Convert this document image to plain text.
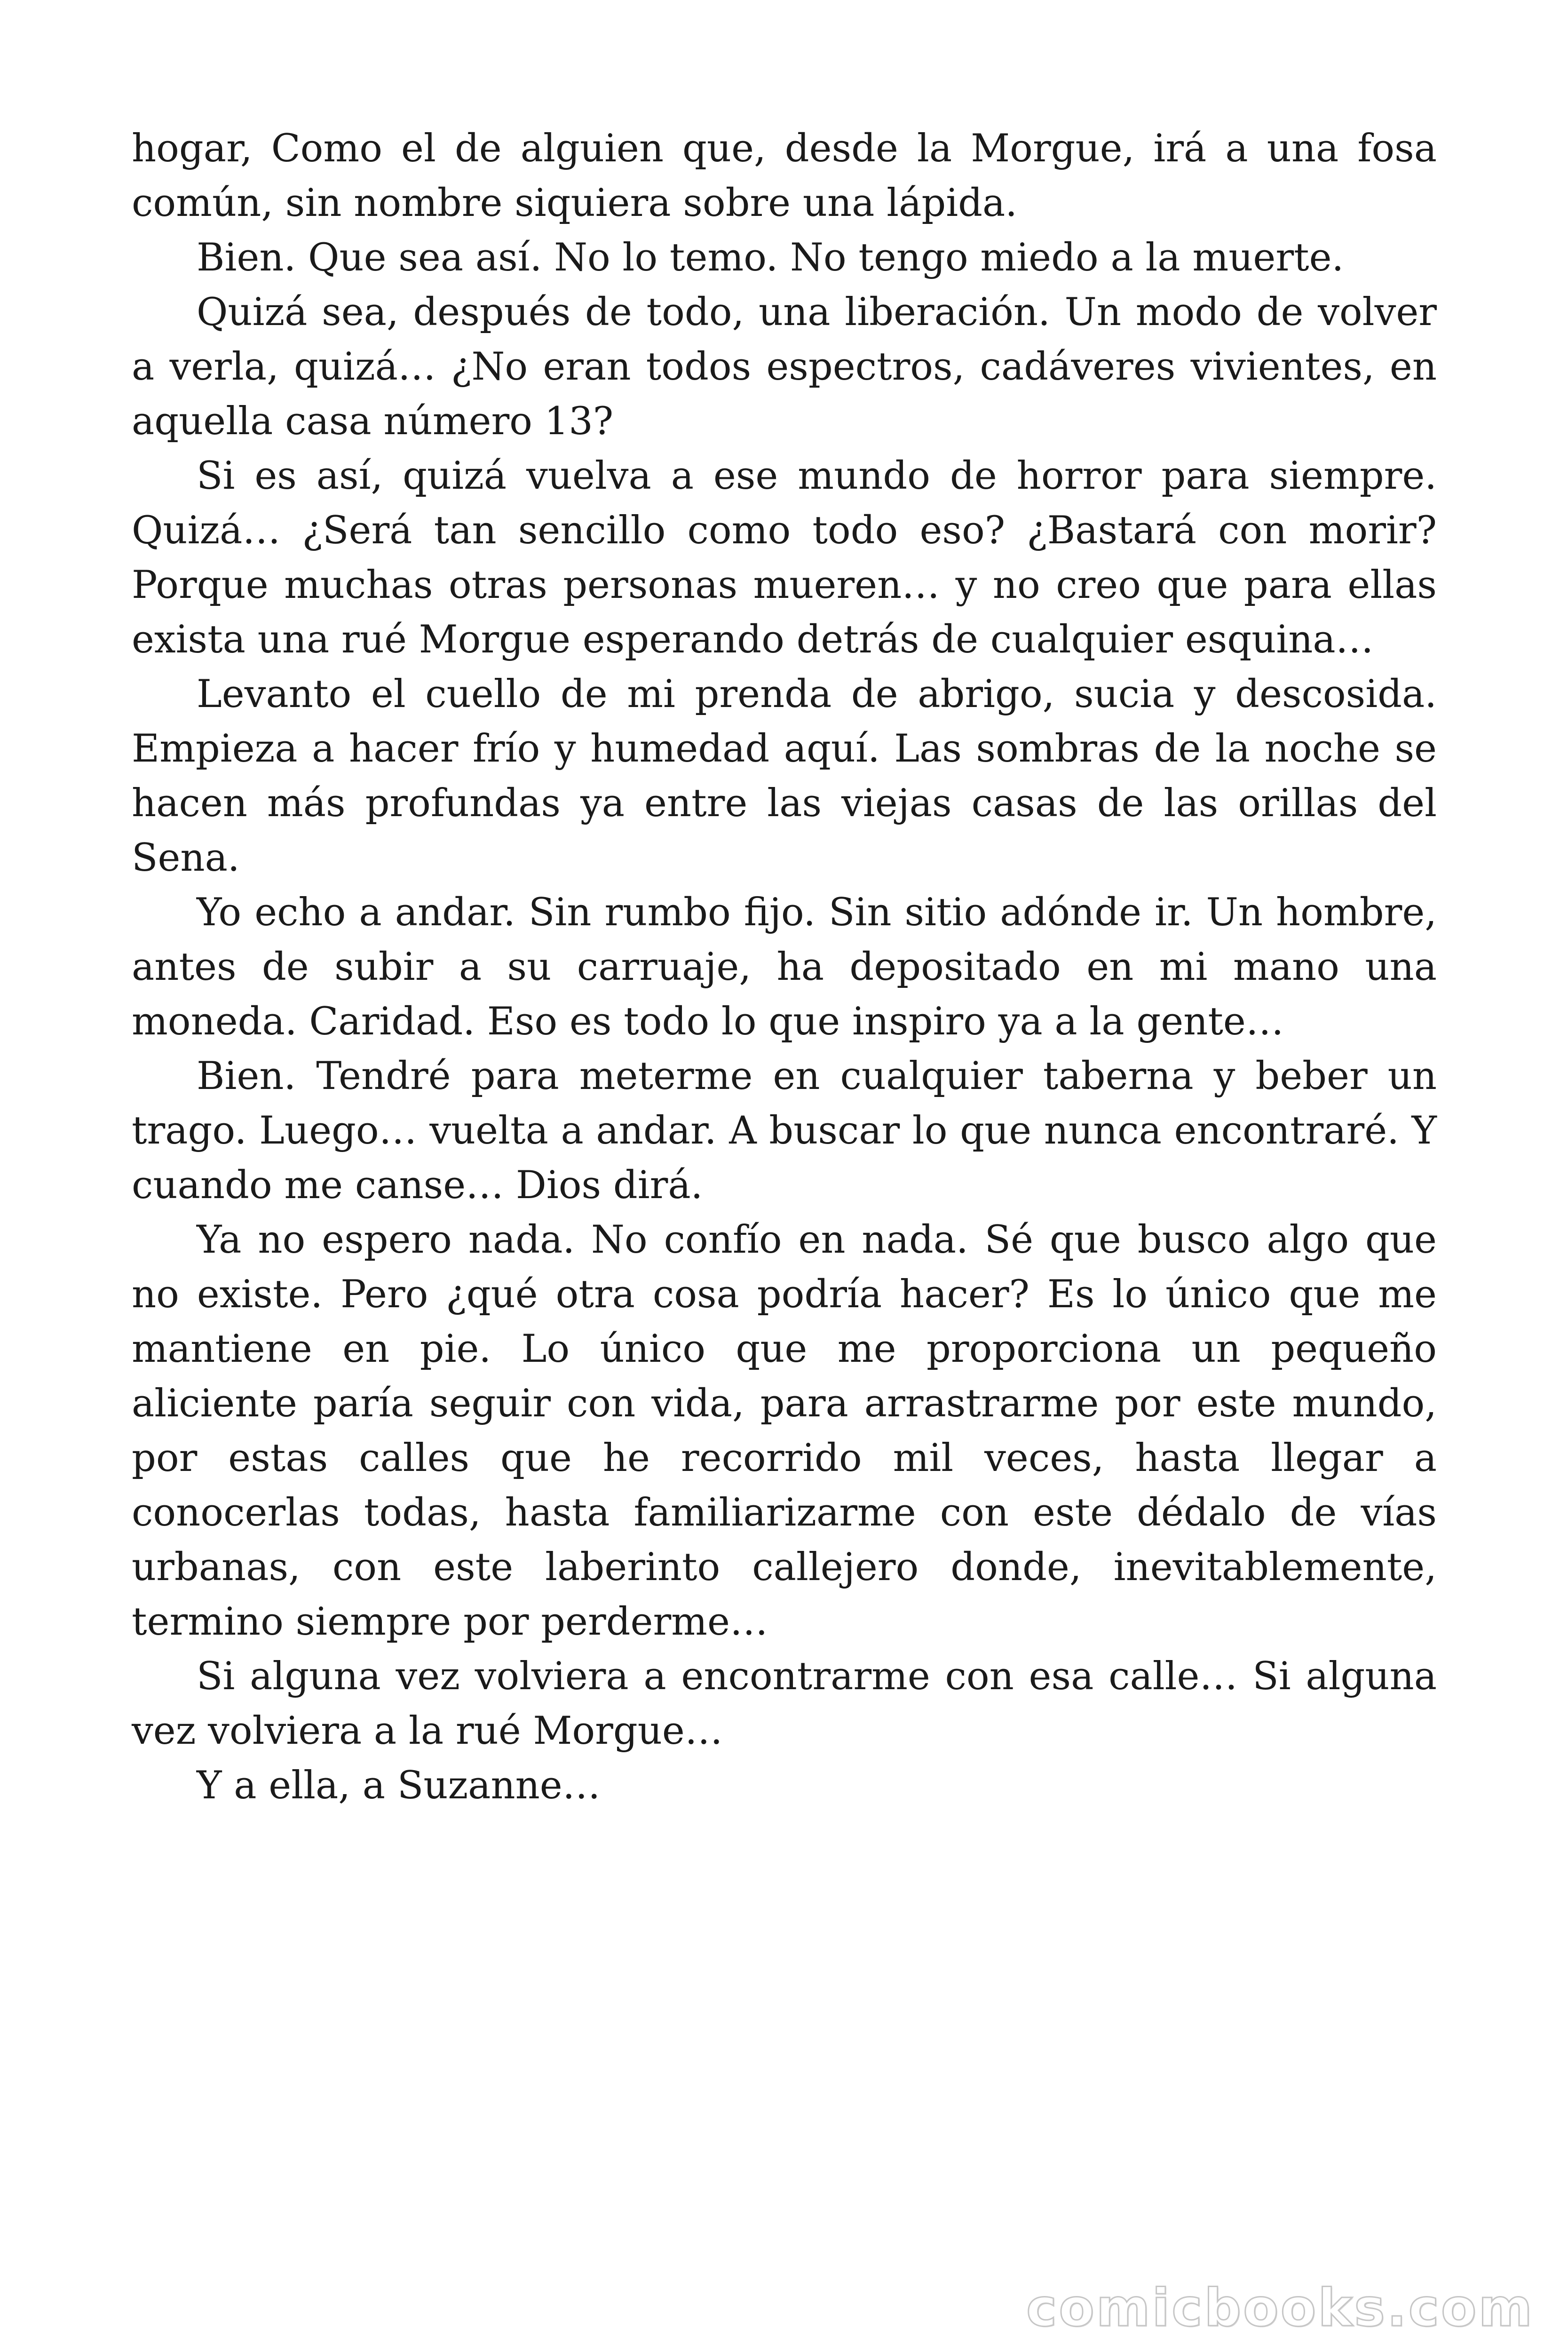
hogar, Como el de alguien que, desde la Morgue, irá a una fosa común, sin nombre siquiera sobre una lápida.

Bien. Que sea así. No lo temo. No tengo miedo a la muerte.

Quizá sea, después de todo, una liberación. Un modo de volver a verla, quizá… ¿No eran todos espectros, cadáveres vivientes, en aquella casa número 13?

Si es así, quizá vuelva a ese mundo de horror para siempre. Quizá… ¿Será tan sencillo como todo eso? ¿Bastará con morir? Porque muchas otras personas mueren… y no creo que para ellas exista una rué Morgue esperando detrás de cualquier esquina…

Levanto el cuello de mi prenda de abrigo, sucia y descosida. Empieza a hacer frío y humedad aquí. Las sombras de la noche se hacen más profundas ya entre las viejas casas de las orillas del Sena.

Yo echo a andar. Sin rumbo fijo. Sin sitio adónde ir. Un hombre, antes de subir a su carruaje, ha depositado en mi mano una moneda. Caridad. Eso es todo lo que inspiro ya a la gente…

Bien. Tendré para meterme en cualquier taberna y beber un trago. Luego… vuelta a andar. A buscar lo que nunca encontraré. Y cuando me canse… Dios dirá.

Ya no espero nada. No confío en nada. Sé que busco algo que no existe. Pero ¿qué otra cosa podría hacer? Es lo único que me mantiene en pie. Lo único que me proporciona un pequeño aliciente paría seguir con vida, para arrastrarme por este mundo, por estas calles que he recorrido mil veces, hasta llegar a conocerlas todas, hasta familiarizarme con este dédalo de vías urbanas, con este laberinto callejero donde, inevitablemente, termino siempre por perderme…

Si alguna vez volviera a encontrarme con esa calle… Si alguna vez volviera a la rué Morgue…

Y a ella, a Suzanne…

comicbooks.com
